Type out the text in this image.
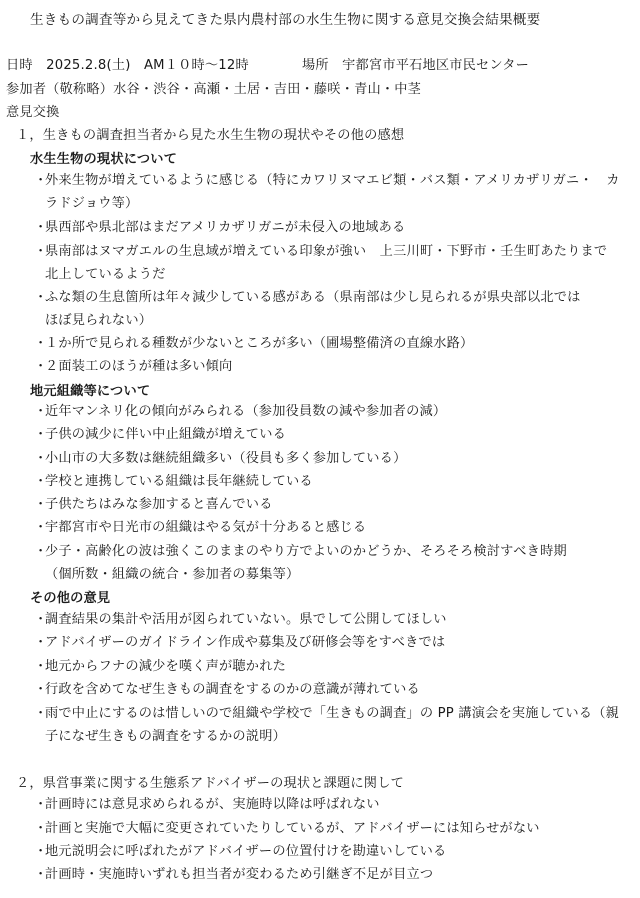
生きもの調査等から見えてきた県内農村部の水生生物に関する意見交換会結果概要
日時　2025.2.8(土)　AM１０時〜12時	場所　宇都宮市平石地区市民センター
参加者（敬称略）水谷・渋谷・高瀬・土居・吉田・藤咲・青山・中茎
意見交換
１，生きもの調査担当者から見た水生生物の現状やその他の感想
水生生物の現状について
・
外来生物が増えているように感じる（特にカワリヌマエビ類・バス類・アメリカザリガニ・　カ
ラドジョウ等）
・
県西部や県北部はまだアメリカザリガニが未侵入の地域ある
・
県南部はヌマガエルの生息域が増えている印象が強い　上三川町・下野市・壬生町あたりまで
北上しているようだ
・
ふな類の生息箇所は年々減少している感がある（県南部は少し見られるが県央部以北では
ほぼ見られない）
・
１か所で見られる種数が少ないところが多い（圃場整備済の直線水路）
・
２面装工のほうが種は多い傾向
地元組織等について
・
近年マンネリ化の傾向がみられる（参加役員数の減や参加者の減）
・
子供の減少に伴い中止組織が増えている
・
小山市の大多数は継続組織多い（役員も多く参加している）
・
学校と連携している組織は長年継続している
・
子供たちはみな参加すると喜んでいる
・
宇都宮市や日光市の組織はやる気が十分あると感じる
・
少子・高齢化の波は強くこのままのやり方でよいのかどうか、そろそろ検討すべき時期
（個所数・組織の統合・参加者の募集等）
その他の意見
・
調査結果の集計や活用が図られていない。県でして公開してほしい
・
アドバイザーのガイドライン作成や募集及び研修会等をすべきでは
・
地元からフナの減少を嘆く声が聴かれた
・
行政を含めてなぜ生きもの調査をするのかの意識が薄れている
・
雨で中止にするのは惜しいので組織や学校で「生きもの調査」の PP 講演会を実施している（親
子になぜ生きもの調査をするかの説明）
２，県営事業に関する生態系アドバイザーの現状と課題に関して
・
計画時には意見求められるが、実施時以降は呼ばれない
・
計画と実施で大幅に変更されていたりしているが、アドバイザーには知らせがない
・
地元説明会に呼ばれたがアドバイザーの位置付けを勘違いしている
・
計画時・実施時いずれも担当者が変わるため引継ぎ不足が目立つ
